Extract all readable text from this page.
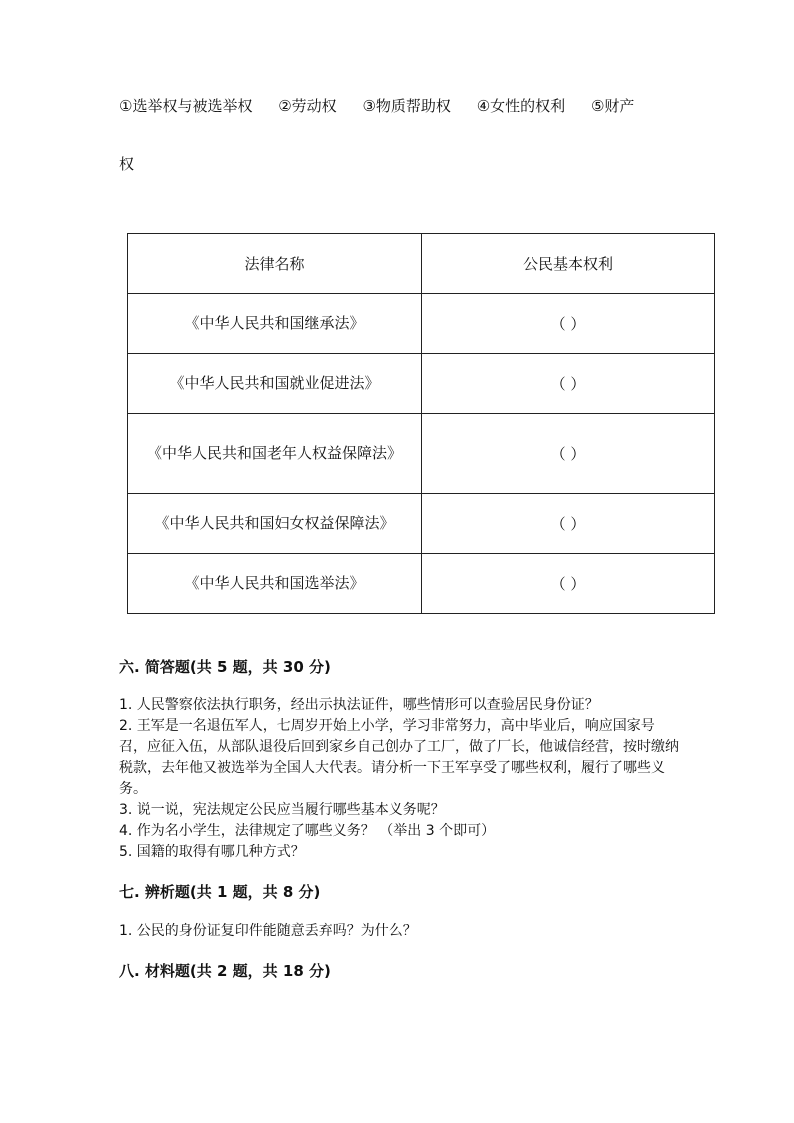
①选举权与被选举权 ②劳动权 ③物质帮助权 ④女性的权利 ⑤财产
权
法律名称	公民基本权利
《中华人民共和国继承法》	（ ）
《中华人民共和国就业促进法》	（ ）
《中华人民共和国老年人权益保障法》	（ ）
《中华人民共和国妇女权益保障法》	（ ）
《中华人民共和国选举法》	（ ）
六. 简答题(共 5 题，共 30 分)
1. 人民警察依法执行职务，经出示执法证件，哪些情形可以查验居民身份证？
2. 王军是一名退伍军人，七周岁开始上小学，学习非常努力，高中毕业后，响应国家号召，应征入伍，从部队退役后回到家乡自己创办了工厂，做了厂长，他诚信经营，按时缴纳税款，去年他又被选举为全国人大代表。请分析一下王军享受了哪些权利，履行了哪些义务。
3. 说一说，宪法规定公民应当履行哪些基本义务呢？
4. 作为名小学生，法律规定了哪些义务？ （举出 3 个即可）
5. 国籍的取得有哪几种方式？
七. 辨析题(共 1 题，共 8 分)
1. 公民的身份证复印件能随意丢弃吗？为什么？
八. 材料题(共 2 题，共 18 分)
